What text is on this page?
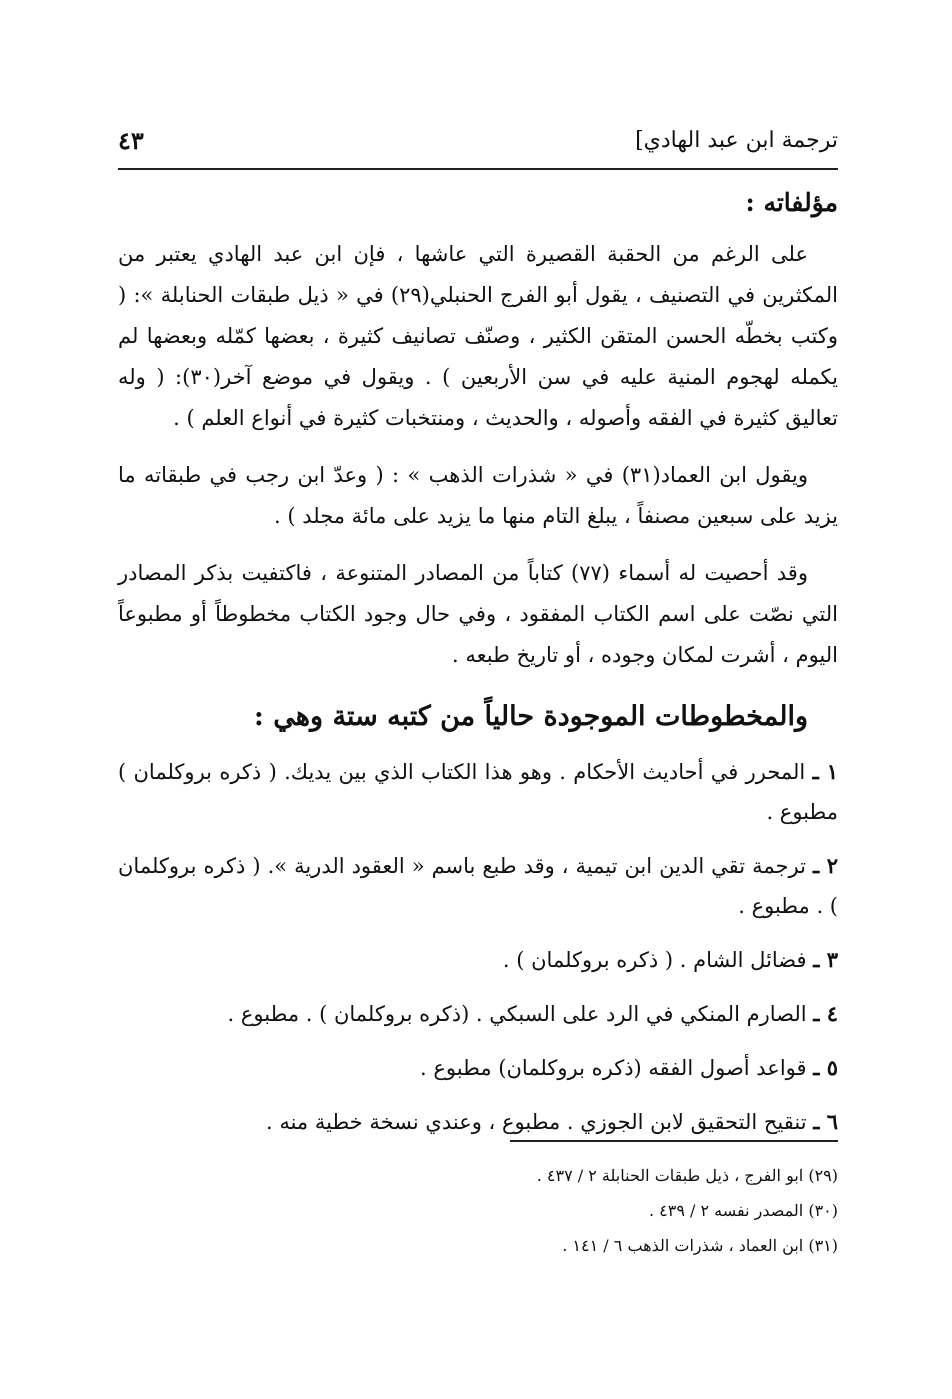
ترجمة ابن عبد الهادي]
٤٣
مؤلفاته :

على الرغم من الحقبة القصيرة التي عاشها ، فإن ابن عبد الهادي يعتبر من المكثرين في التصنيف ، يقول أبو الفرج الحنبلي(٢٩) في « ذيل طبقات الحنابلة »: ( وكتب بخطّه الحسن المتقن الكثير ، وصنّف تصانيف كثيرة ، بعضها كمّله وبعضها لم يكمله لهجوم المنية عليه في سن الأربعين ) . ويقول في موضع آخر(٣٠): ( وله تعاليق كثيرة في الفقه وأصوله ، والحديث ، ومنتخبات كثيرة في أنواع العلم ) .

ويقول ابن العماد(٣١) في « شذرات الذهب » : ( وعدّ ابن رجب في طبقاته ما يزيد على سبعين مصنفاً ، يبلغ التام منها ما يزيد على مائة مجلد ) .

وقد أحصيت له أسماء (٧٧) كتاباً من المصادر المتنوعة ، فاكتفيت بذكر المصادر التي نصّت على اسم الكتاب المفقود ، وفي حال وجود الكتاب مخطوطاً أو مطبوعاً اليوم ، أشرت لمكان وجوده ، أو تاريخ طبعه .

والمخطوطات الموجودة حالياً من كتبه ستة وهي :
١ ـ المحرر في أحاديث الأحكام . وهو هذا الكتاب الذي بين يديك. ( ذكره بروكلمان ) مطبوع .
٢ ـ ترجمة تقي الدين ابن تيمية ، وقد طبع باسم « العقود الدرية ». ( ذكره بروكلمان ) . مطبوع .
٣ ـ فضائل الشام . ( ذكره بروكلمان ) .
٤ ـ الصارم المنكي في الرد على السبكي . (ذكره بروكلمان ) . مطبوع .
٥ ـ قواعد أصول الفقه (ذكره بروكلمان) مطبوع .
٦ ـ تنقيح التحقيق لابن الجوزي . مطبوع ، وعندي نسخة خطية منه .

(٢٩) ابو الفرج ، ذيل طبقات الحنابلة ٢ / ٤٣٧ .

(٣٠) المصدر نفسه ٢ / ٤٣٩ .

(٣١) ابن العماد ، شذرات الذهب ٦ / ١٤١ .
